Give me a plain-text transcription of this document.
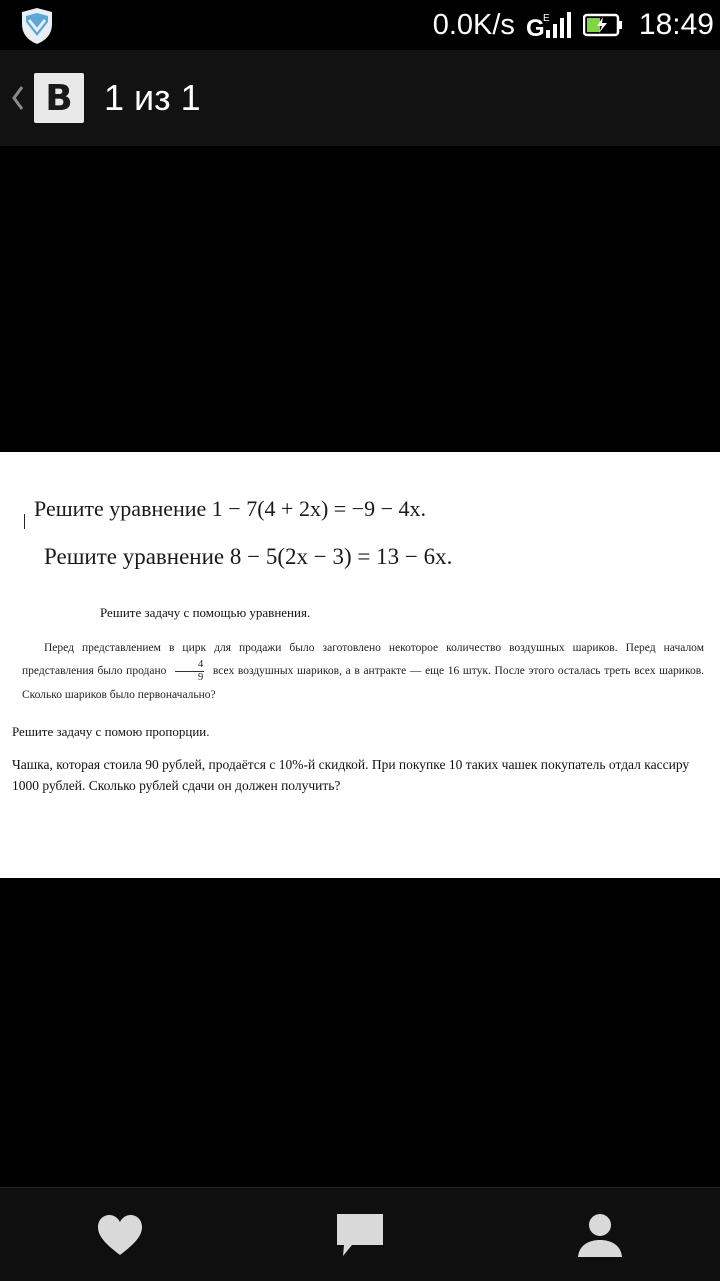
0.0K/s G
E	18:49
B 1 из 1
Решите уравнение 1 − 7(4 + 2x) = −9 − 4x.
Решите уравнение 8 − 5(2x − 3) = 13 − 6x.
Решите задачу с помощью уравнения.
Перед представлением в цирк для продажи было заготовлено некоторое количество воздушных шариков. Перед началом представления было продано $\frac{4}{9}$ всех воздушных шариков, а в антракте — еще 16 штук. После этого осталась треть всех шариков. Сколько шариков было первоначально?
Решите задачу с помою пропорции.
Чашка, которая стоила 90 рублей, продаётся с 10%-й скидкой. При покупке 10 таких чашек покупатель отдал кассиру 1000 рублей. Сколько рублей сдачи он должен получить?
